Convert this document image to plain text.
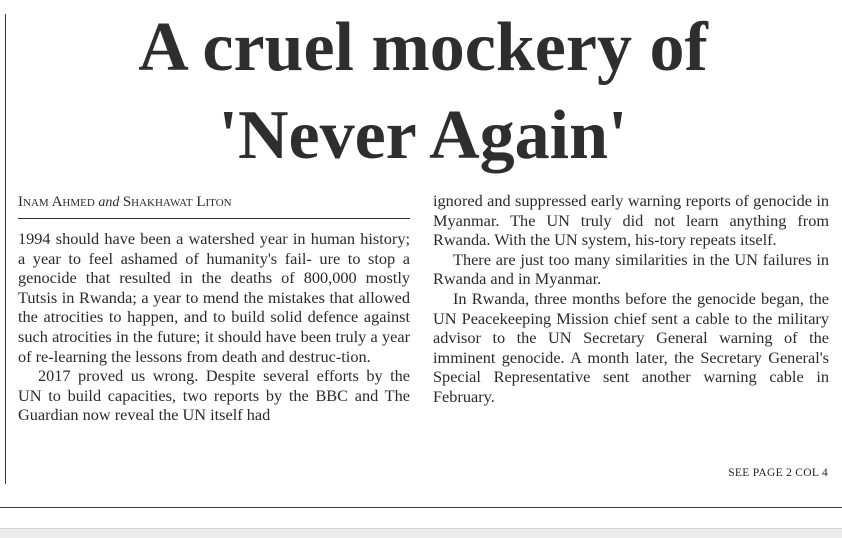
A cruel mockery of
'Never Again'
Inam Ahmed and Shakhawat Liton

1994 should have been a watershed year in human history; a year to feel ashamed of humanity's fail- ure to stop a genocide that resulted in the deaths of 800,000 mostly Tutsis in Rwanda; a year to mend the mistakes that allowed the atrocities to happen, and to build solid defence against such atrocities in the future; it should have been truly a year of re-learning the lessons from death and destruc-tion.

2017 proved us wrong. Despite several efforts by the UN to build capacities, two reports by the BBC and The Guardian now reveal the UN itself had

ignored and suppressed early warning reports of genocide in Myanmar. The UN truly did not learn anything from Rwanda. With the UN system, his-tory repeats itself.

There are just too many similarities in the UN failures in Rwanda and in Myanmar.

In Rwanda, three months before the genocide began, the UN Peacekeeping Mission chief sent a cable to the military advisor to the UN Secretary General warning of the imminent genocide. A month later, the Secretary General's Special Representative sent another warning cable in February.

SEE PAGE 2 COL 4
